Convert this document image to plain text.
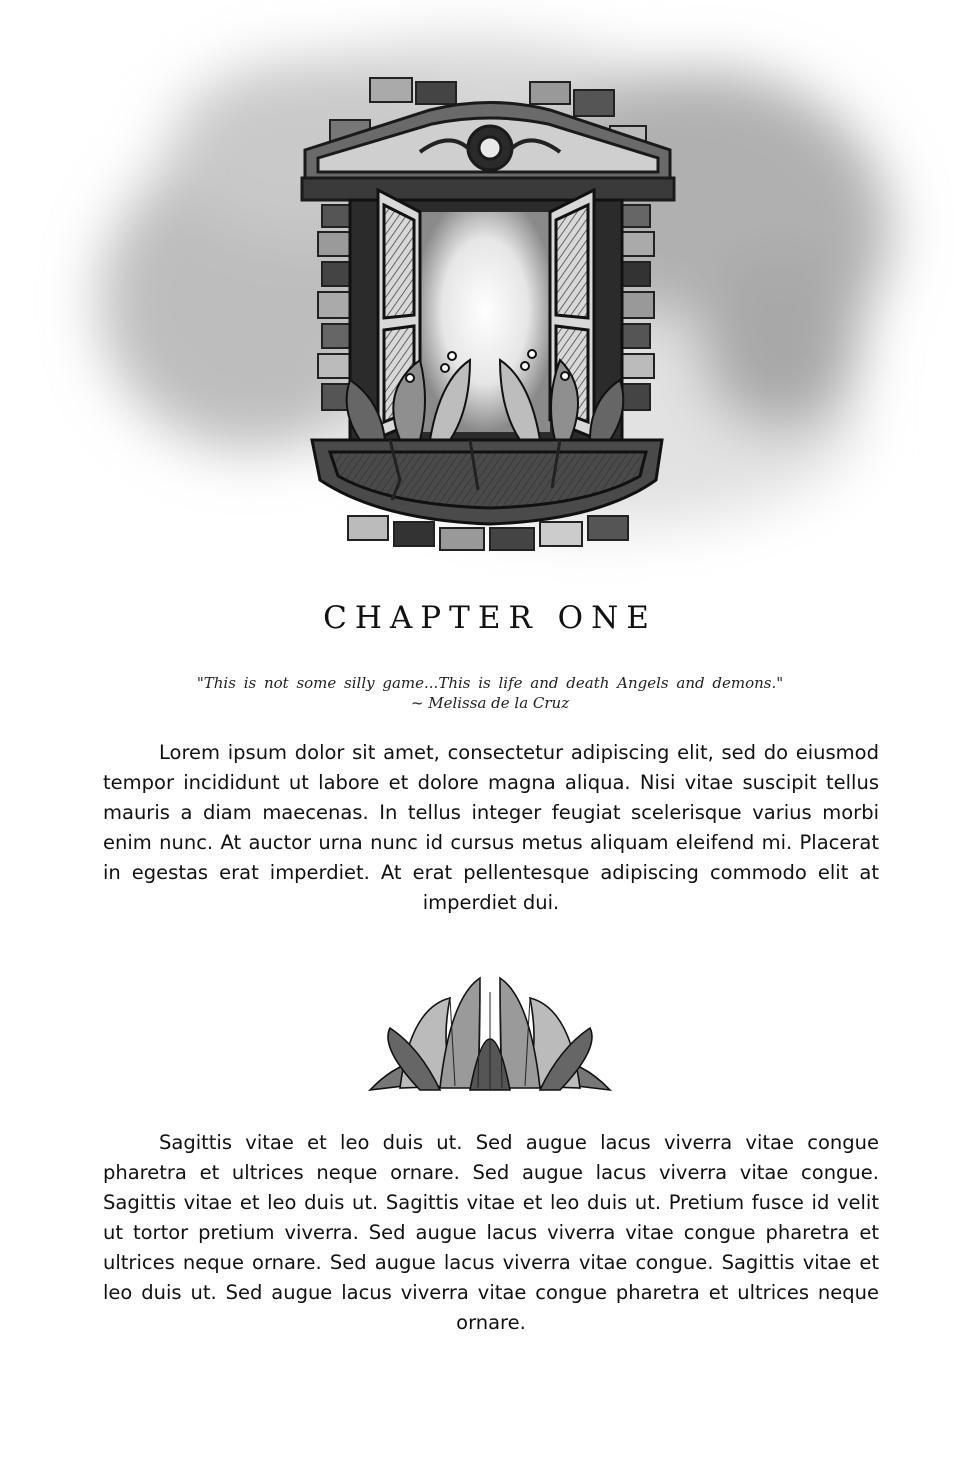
CHAPTER ONE

"This is not some silly game...This is life and death Angels and demons."

~ Melissa de la Cruz

Lorem ipsum dolor sit amet, consectetur adipiscing elit, sed do eiusmod tempor incididunt ut labore et dolore magna aliqua. Nisi vitae suscipit tellus mauris a diam maecenas. In tellus integer feugiat scelerisque varius morbi enim nunc. At auctor urna nunc id cursus metus aliquam eleifend mi. Placerat in egestas erat imperdiet. At erat pellentesque adipiscing commodo elit at imperdiet dui.

Sagittis vitae et leo duis ut. Sed augue lacus viverra vitae congue pharetra et ultrices neque ornare. Sed augue lacus viverra vitae congue. Sagittis vitae et leo duis ut. Sagittis vitae et leo duis ut. Pretium fusce id velit ut tortor pretium viverra. Sed augue lacus viverra vitae congue pharetra et ultrices neque ornare. Sed augue lacus viverra vitae congue. Sagittis vitae et leo duis ut. Sed augue lacus viverra vitae congue pharetra et ultrices neque ornare.
